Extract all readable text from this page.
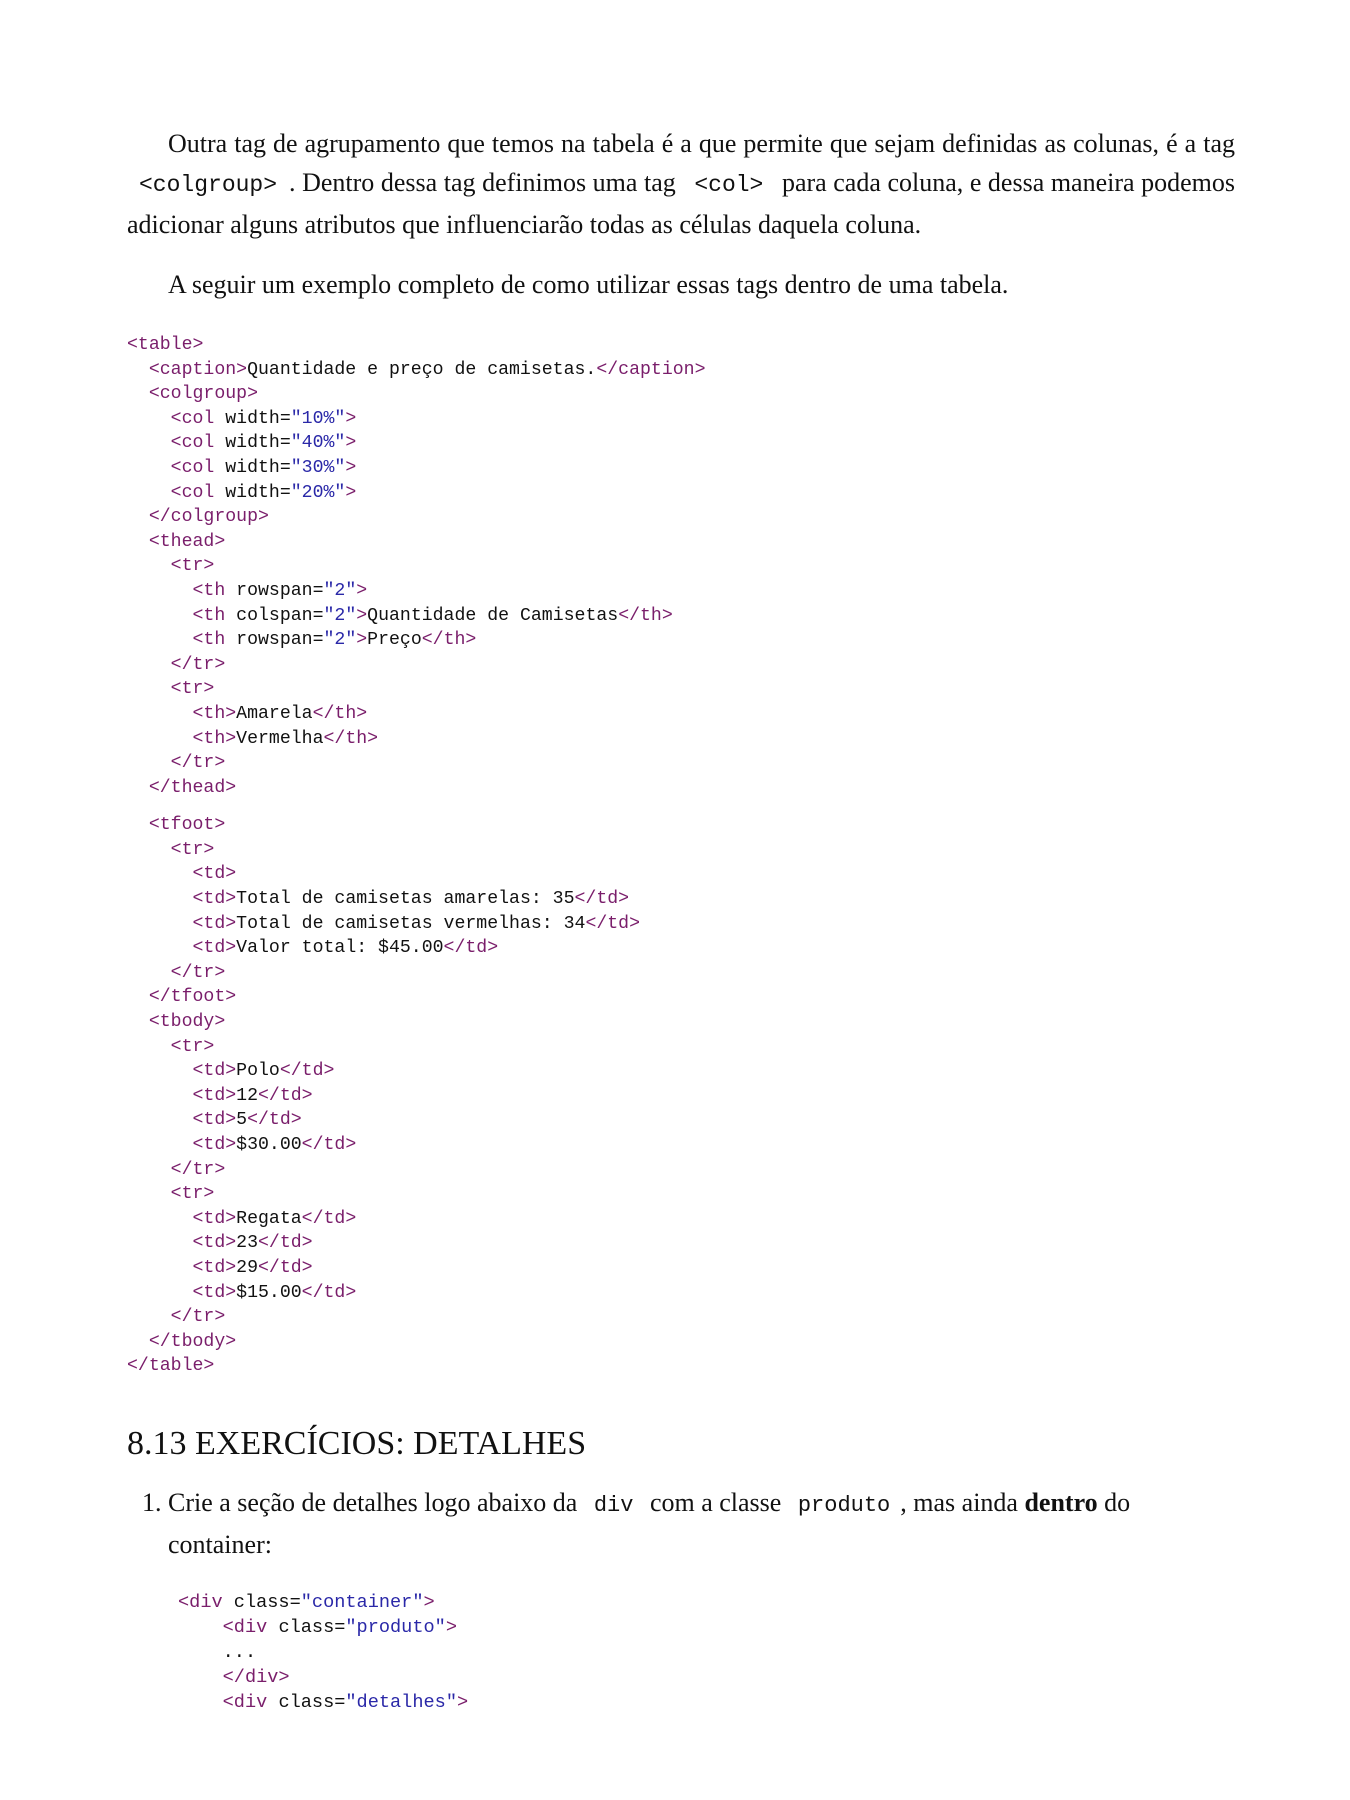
Outra tag de agrupamento que temos na tabela é a que permite que sejam definidas as colunas, é a tag <colgroup> . Dentro dessa tag definimos uma tag <col> para cada coluna, e dessa maneira podemos adicionar alguns atributos que influenciarão todas as células daquela coluna.

A seguir um exemplo completo de como utilizar essas tags dentro de uma tabela.

<table>
<caption>Quantidade e preço de camisetas.</caption>
<colgroup>
<col width="10%">
<col width="40%">
<col width="30%">
<col width="20%">
</colgroup>
<thead>
<tr>
<th rowspan="2">
<th colspan="2">Quantidade de Camisetas</th>
<th rowspan="2">Preço</th>
</tr>
<tr>
<th>Amarela</th>
<th>Vermelha</th>
</tr>
</thead>
<tfoot>
<tr>
<td>
<td>Total de camisetas amarelas: 35</td>
<td>Total de camisetas vermelhas: 34</td>
<td>Valor total: $45.00</td>
</tr>
</tfoot>
<tbody>
<tr>
<td>Polo</td>
<td>12</td>
<td>5</td>
<td>$30.00</td>
</tr>
<tr>
<td>Regata</td>
<td>23</td>
<td>29</td>
<td>$15.00</td>
</tr>
</tbody>
</table>
8.13 EXERCÍCIOS: DETALHES
1. Crie a seção de detalhes logo abaixo da div com a classe produto , mas ainda dentro do container:
<div class="container">
<div class="produto">
...
</div>
<div class="detalhes">
